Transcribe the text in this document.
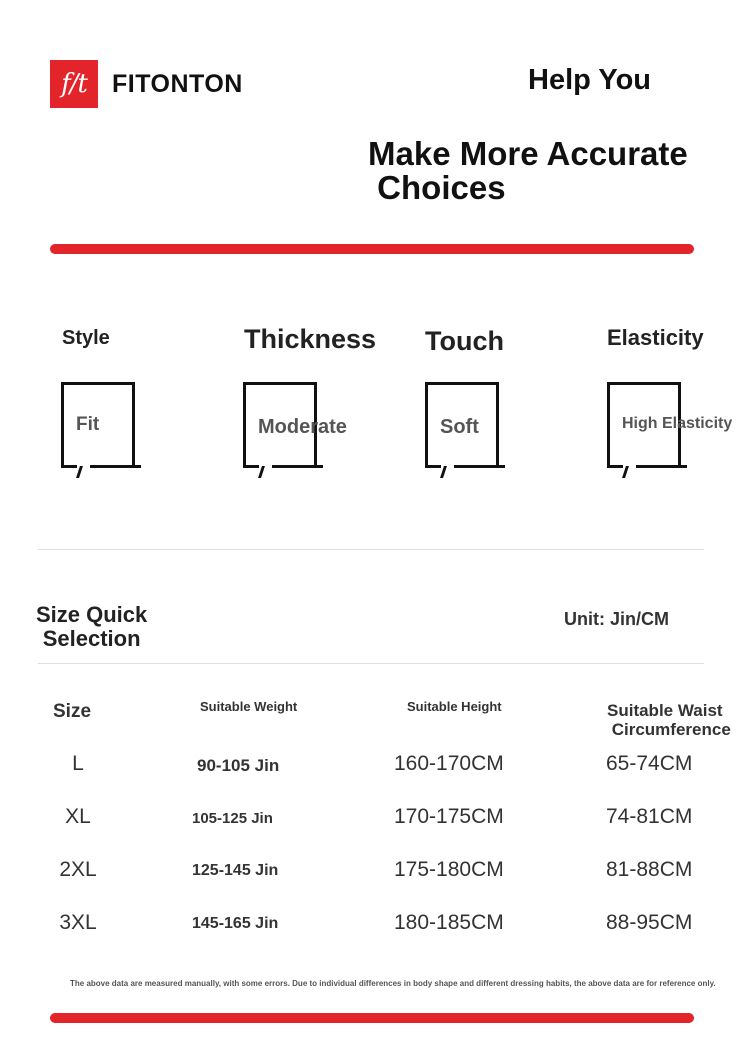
f/t	FITONTON	Help You
Make More Accurate
Choices
Style	Thickness Touch	Elasticity
Fit	Moderate	Soft	High Elasticity
Size Quick
Selection
Unit: Jin/CM
Size	Suitable Weight	Suitable Height	Suitable Waist
Circumference
L	90-105 Jin	160-170CM	65-74CM
XL	105-125 Jin	170-175CM	74-81CM
2XL	125-145 Jin	175-180CM	81-88CM
3XL	145-165 Jin	180-185CM	88-95CM
The above data are measured manually, with some errors. Due to individual differences in body shape and different dressing habits, the above data are for reference only.
